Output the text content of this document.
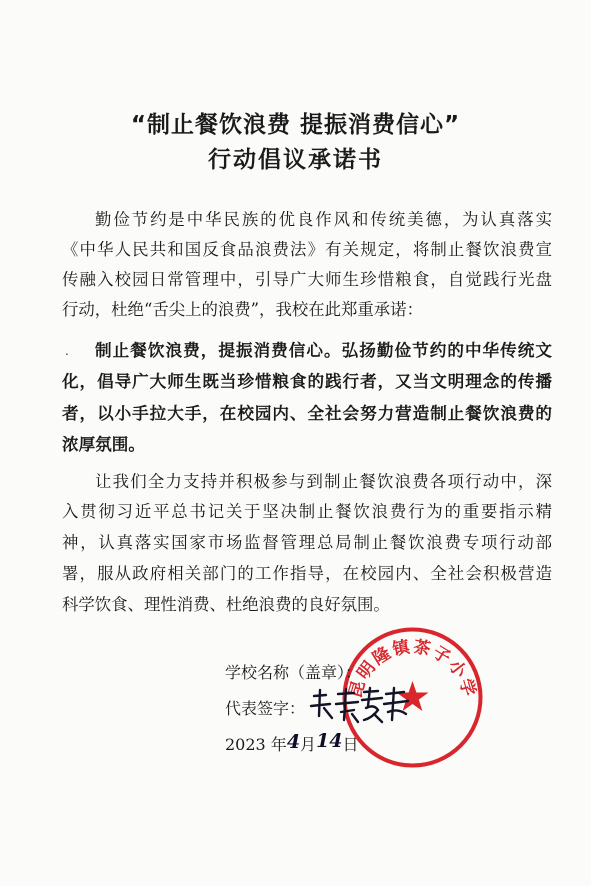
“制止餐饮浪费 提振消费信心”
行动倡议承诺书
勤俭节约是中华民族的优良作风和传统美德，为认真落实
《中华人民共和国反食品浪费法》有关规定，将制止餐饮浪费宣
传融入校园日常管理中，引导广大师生珍惜粮食，自觉践行光盘
行动，杜绝“舌尖上的浪费”，我校在此郑重承诺：
. 制止餐饮浪费，提振消费信心。弘扬勤俭节约的中华传统文
化，倡导广大师生既当珍惜粮食的践行者，又当文明理念的传播
者，以小手拉大手，在校园内、全社会努力营造制止餐饮浪费的
浓厚氛围。
让我们全力支持并积极参与到制止餐饮浪费各项行动中，深
入贯彻习近平总书记关于坚决制止餐饮浪费行为的重要指示精
神，认真落实国家市场监督管理总局制止餐饮浪费专项行动部
署，服从政府相关部门的工作指导，在校园内、全社会积极营造
科学饮食、理性消费、杜绝浪费的良好氛围。
昆明隆镇茶子小学
学校名称（盖章）：
代表签字：
2023 年4月14日
